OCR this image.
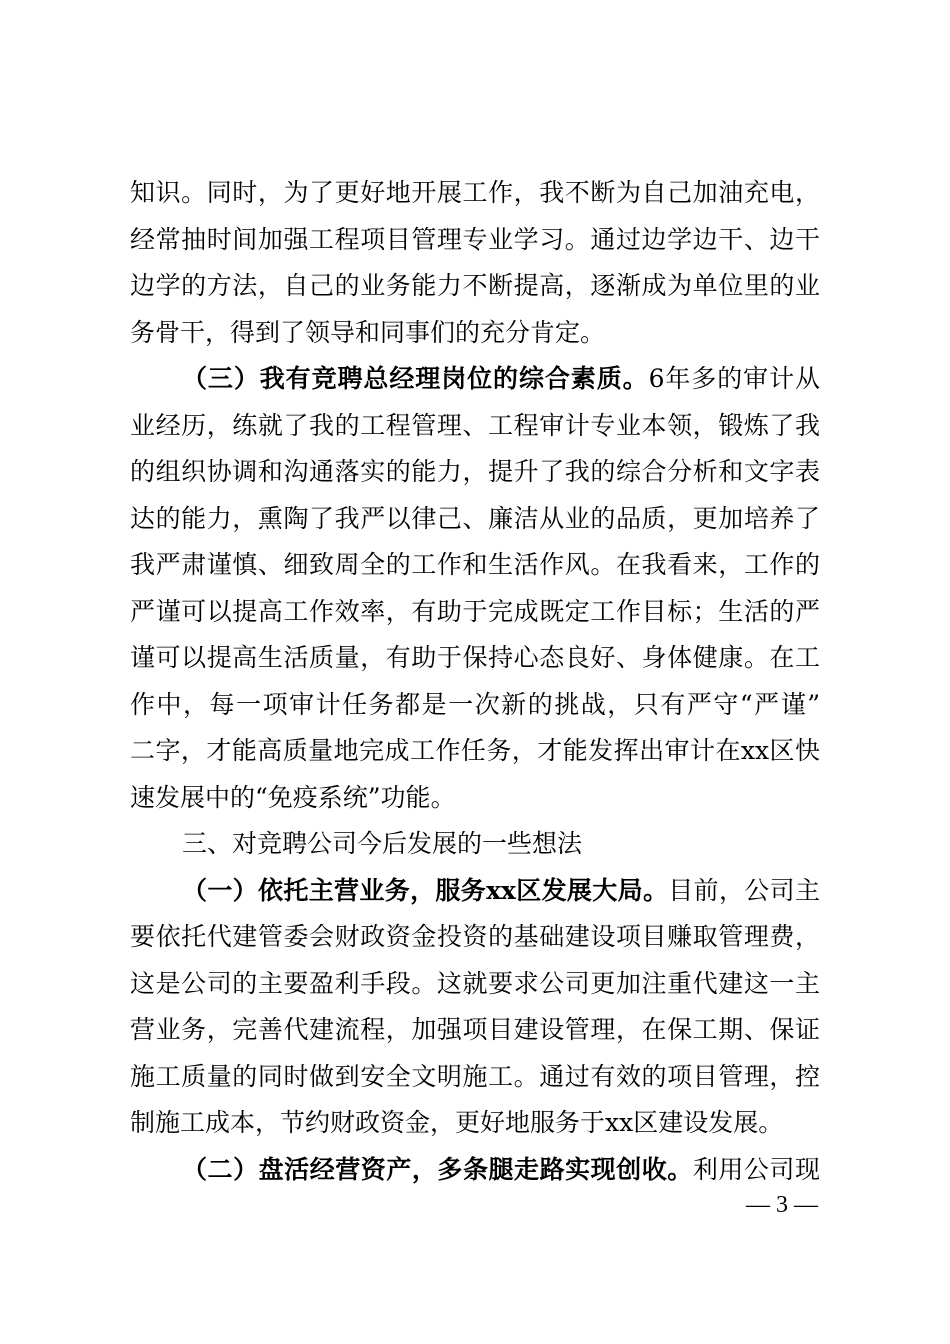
知识。同时，为了更好地开展工作，我不断为自己加油充电，
经常抽时间加强工程项目管理专业学习。通过边学边干、边干
边学的方法，自己的业务能力不断提高，逐渐成为单位里的业
务骨干，得到了领导和同事们的充分肯定。
（三）我有竞聘总经理岗位的综合素质。6年多的审计从
业经历，练就了我的工程管理、工程审计专业本领，锻炼了我
的组织协调和沟通落实的能力，提升了我的综合分析和文字表
达的能力，熏陶了我严以律己、廉洁从业的品质，更加培养了
我严肃谨慎、细致周全的工作和生活作风。在我看来，工作的
严谨可以提高工作效率，有助于完成既定工作目标；生活的严
谨可以提高生活质量，有助于保持心态良好、身体健康。在工
作中，每一项审计任务都是一次新的挑战，只有严守“严谨”
二字，才能高质量地完成工作任务，才能发挥出审计在xx区快
速发展中的“免疫系统”功能。
三、对竞聘公司今后发展的一些想法
（一）依托主营业务，服务xx区发展大局。目前，公司主
要依托代建管委会财政资金投资的基础建设项目赚取管理费，
这是公司的主要盈利手段。这就要求公司更加注重代建这一主
营业务，完善代建流程，加强项目建设管理，在保工期、保证
施工质量的同时做到安全文明施工。通过有效的项目管理，控
制施工成本，节约财政资金，更好地服务于xx区建设发展。
（二）盘活经营资产，多条腿走路实现创收。利用公司现
— 3 —
